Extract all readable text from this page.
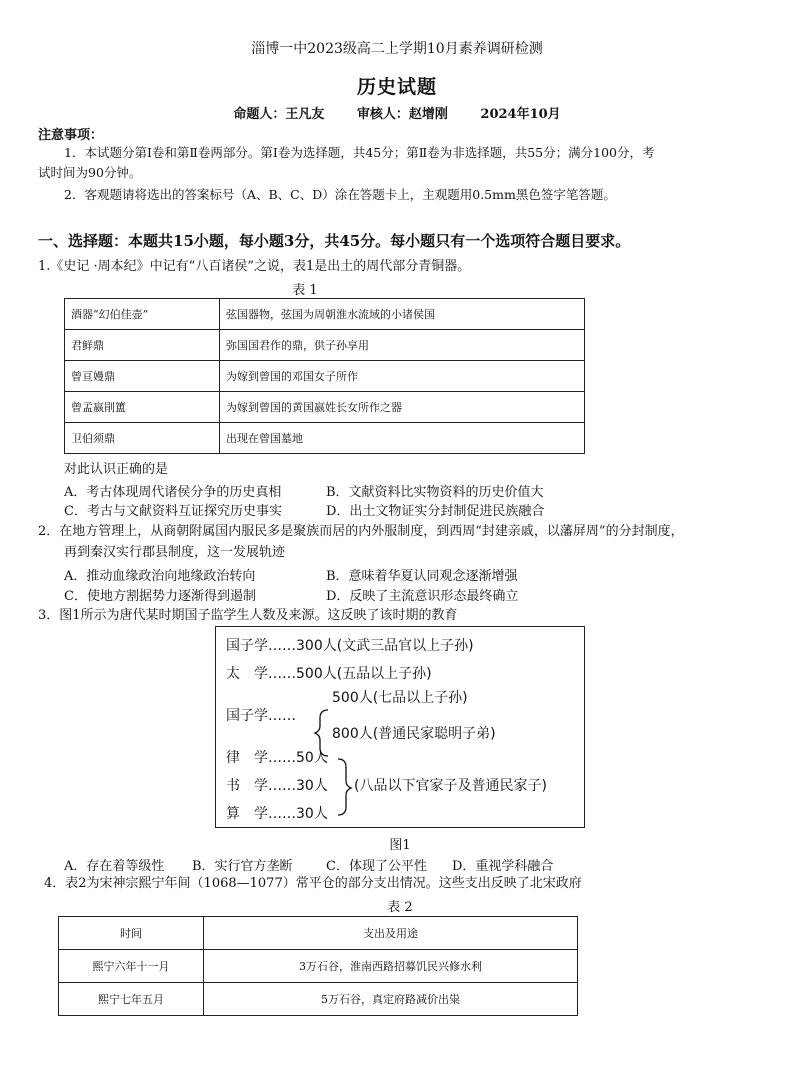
淄博一中2023级高二上学期10月素养调研检测
历史试题
命题人：王凡友	审核人：赵增刚	2024年10月
注意事项：
1．本试题分第Ⅰ卷和第Ⅱ卷两部分。第Ⅰ卷为选择题，共45分；第Ⅱ卷为非选择题，共55分；满分100分，考
试时间为90分钟。
2．客观题请将选出的答案标号（A、B、C、D）涂在答题卡上，主观题用0.5mm黑色签字笔答题。
一、选择题：本题共15小题，每小题3分，共45分。每小题只有一个选项符合题目要求。
1.《史记 ·周本纪》中记有“八百诸侯”之说，表1是出土的周代部分青铜器。
表 1
酒器“幻伯佳壶”	弦国器物，弦国为周朝淮水流域的小诸侯国
君鲜鼎	弥国国君作的鼎，供子孙享用
曾亘嫚鼎	为嫁到曾国的邓国女子所作
曾孟嬴剈簠	为嫁到曾国的黄国嬴姓长女所作之器
卫伯须鼎	出现在曾国墓地
对此认识正确的是
A．考古体现周代诸侯分争的历史真相	B．文献资料比实物资料的历史价值大
C．考古与文献资料互证探究历史事实	D．出土文物证实分封制促进民族融合
2．在地方管理上，从商朝附属国内服民多是聚族而居的内外服制度，到西周“封建亲戚，以藩屏周”的分封制度，
再到秦汉实行郡县制度，这一发展轨迹
A．推动血缘政治向地缘政治转向	B．意味着华夏认同观念逐渐增强
C．使地方割据势力逐渐得到遏制	D．反映了主流意识形态最终确立
3．图1所示为唐代某时期国子监学生人数及来源。这反映了该时期的教育
国子学……300人(文武三品官以上子孙)
太　学……500人(五品以上子孙)
国子学……
500人(七品以上子孙)
800人(普通民家聪明子弟)
律　学……50人
书　学……30人
算　学……30人
(八品以下官家子及普通民家子)
图1
A．存在着等级性 B．实行官方垄断	C．体现了公平性 D．重视学科融合
4．表2为宋神宗熙宁年间（1068—1077）常平仓的部分支出情况。这些支出反映了北宋政府
表 2
时间	支出及用途
熙宁六年十一月	3万石谷，淮南西路招募饥民兴修水利
熙宁七年五月	5万石谷，真定府路减价出粜
